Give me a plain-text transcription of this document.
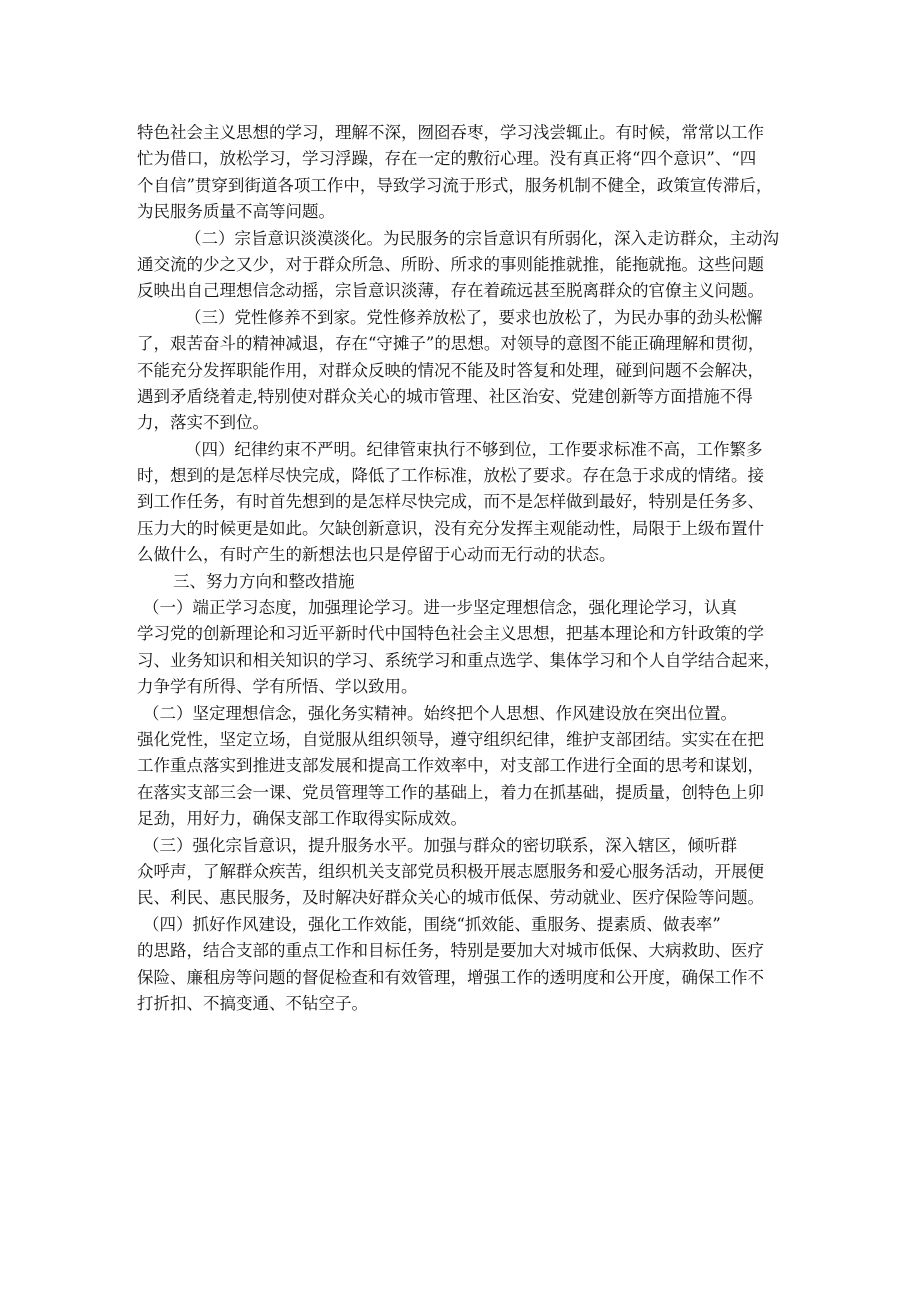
特色社会主义思想的学习，理解不深，囫囵吞枣，学习浅尝辄止。有时候，常常以工作
忙为借口，放松学习，学习浮躁，存在一定的敷衍心理。没有真正将“四个意识”、“四
个自信”贯穿到街道各项工作中，导致学习流于形式，服务机制不健全，政策宣传滞后，
为民服务质量不高等问题。
（二）宗旨意识淡漠淡化。为民服务的宗旨意识有所弱化，深入走访群众，主动沟
通交流的少之又少，对于群众所急、所盼、所求的事则能推就推，能拖就拖。这些问题
反映出自己理想信念动摇，宗旨意识淡薄，存在着疏远甚至脱离群众的官僚主义问题。
（三）党性修养不到家。党性修养放松了，要求也放松了，为民办事的劲头松懈
了，艰苦奋斗的精神减退，存在“守摊子”的思想。对领导的意图不能正确理解和贯彻，
不能充分发挥职能作用，对群众反映的情况不能及时答复和处理，碰到问题不会解决，
遇到矛盾绕着走,特别使对群众关心的城市管理、社区治安、党建创新等方面措施不得
力，落实不到位。
（四）纪律约束不严明。纪律管束执行不够到位，工作要求标准不高，工作繁多
时，想到的是怎样尽快完成，降低了工作标准，放松了要求。存在急于求成的情绪。接
到工作任务，有时首先想到的是怎样尽快完成，而不是怎样做到最好，特别是任务多、
压力大的时候更是如此。欠缺创新意识，没有充分发挥主观能动性，局限于上级布置什
么做什么，有时产生的新想法也只是停留于心动而无行动的状态。
三、努力方向和整改措施
（一）端正学习态度，加强理论学习。进一步坚定理想信念，强化理论学习，认真
学习党的创新理论和习近平新时代中国特色社会主义思想，把基本理论和方针政策的学
习、业务知识和相关知识的学习、系统学习和重点选学、集体学习和个人自学结合起来，
力争学有所得、学有所悟、学以致用。
（二）坚定理想信念，强化务实精神。始终把个人思想、作风建设放在突出位置。
强化党性，坚定立场，自觉服从组织领导，遵守组织纪律，维护支部团结。实实在在把
工作重点落实到推进支部发展和提高工作效率中，对支部工作进行全面的思考和谋划，
在落实支部三会一课、党员管理等工作的基础上，着力在抓基础，提质量，创特色上卯
足劲，用好力，确保支部工作取得实际成效。
（三）强化宗旨意识，提升服务水平。加强与群众的密切联系，深入辖区，倾听群
众呼声，了解群众疾苦，组织机关支部党员积极开展志愿服务和爱心服务活动，开展便
民、利民、惠民服务，及时解决好群众关心的城市低保、劳动就业、医疗保险等问题。
（四）抓好作风建设，强化工作效能，围绕“抓效能、重服务、提素质、做表率”
的思路，结合支部的重点工作和目标任务，特别是要加大对城市低保、大病救助、医疗
保险、廉租房等问题的督促检查和有效管理，增强工作的透明度和公开度，确保工作不
打折扣、不搞变通、不钻空子。
